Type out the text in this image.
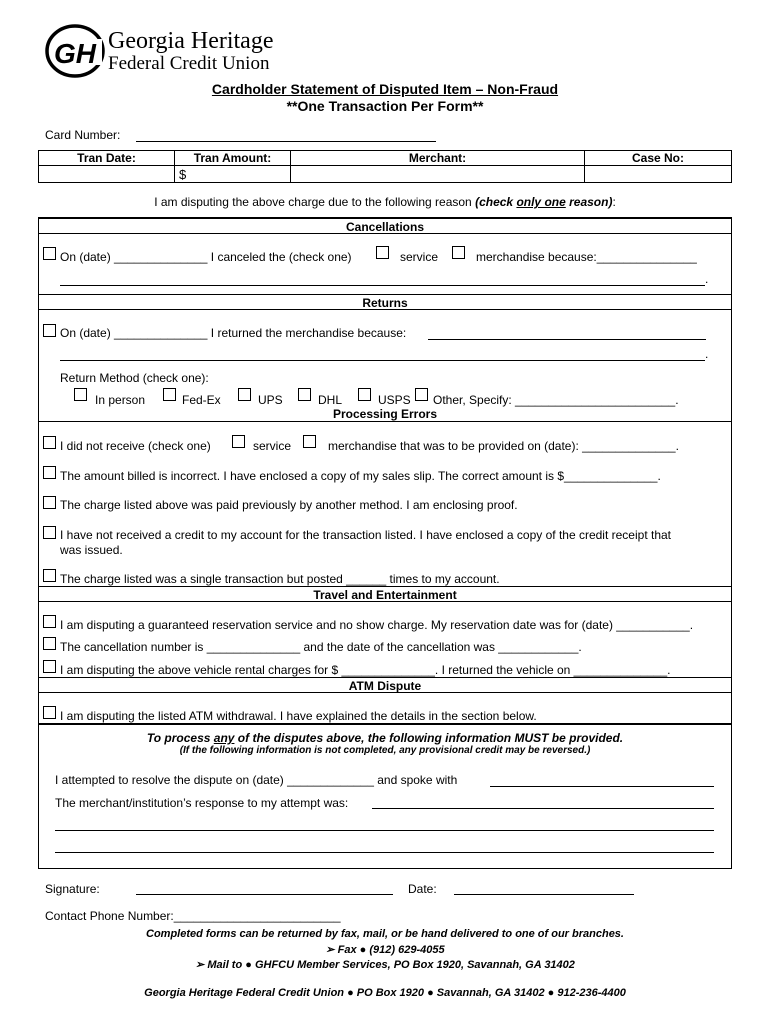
GH Georgia Heritage
Federal Credit Union
Cardholder Statement of Disputed Item – Non-Fraud
**One Transaction Per Form**
Card Number:
Tran Date:	Tran Amount:	Merchant:	Case No:
	$		
I am disputing the above charge due to the following reason (check only one reason):
Cancellations
On (date) ______________ I canceled the (check one)	service	merchandise because:_______________
.
Returns
On (date) ______________ I returned the merchandise because:
.
Return Method (check one):
In person	Fed-Ex	UPS	DHL	USPS Other, Specify: ________________________.
Processing Errors
I did not receive (check one)	service	merchandise that was to be provided on (date): ______________.
The amount billed is incorrect. I have enclosed a copy of my sales slip. The correct amount is $______________.
The charge listed above was paid previously by another method. I am enclosing proof.
I have not received a credit to my account for the transaction listed. I have enclosed a copy of the credit receipt that
was issued.
The charge listed was a single transaction but posted ______ times to my account.
Travel and Entertainment
I am disputing a guaranteed reservation service and no show charge. My reservation date was for (date) ___________.
The cancellation number is ______________ and the date of the cancellation was ____________.
I am disputing the above vehicle rental charges for $ ______________. I returned the vehicle on ______________.
ATM Dispute
I am disputing the listed ATM withdrawal. I have explained the details in the section below.
To process any of the disputes above, the following information MUST be provided.
(If the following information is not completed, any provisional credit may be reversed.)
I attempted to resolve the dispute on (date) _____________ and spoke with
The merchant/institution’s response to my attempt was:
Signature:	Date:
Contact Phone Number:_________________________
Completed forms can be returned by fax, mail, or be hand delivered to one of our branches.
➢ Fax ● (912) 629-4055
➢ Mail to ● GHFCU Member Services, PO Box 1920, Savannah, GA 31402
Georgia Heritage Federal Credit Union ● PO Box 1920 ● Savannah, GA 31402 ● 912-236-4400
